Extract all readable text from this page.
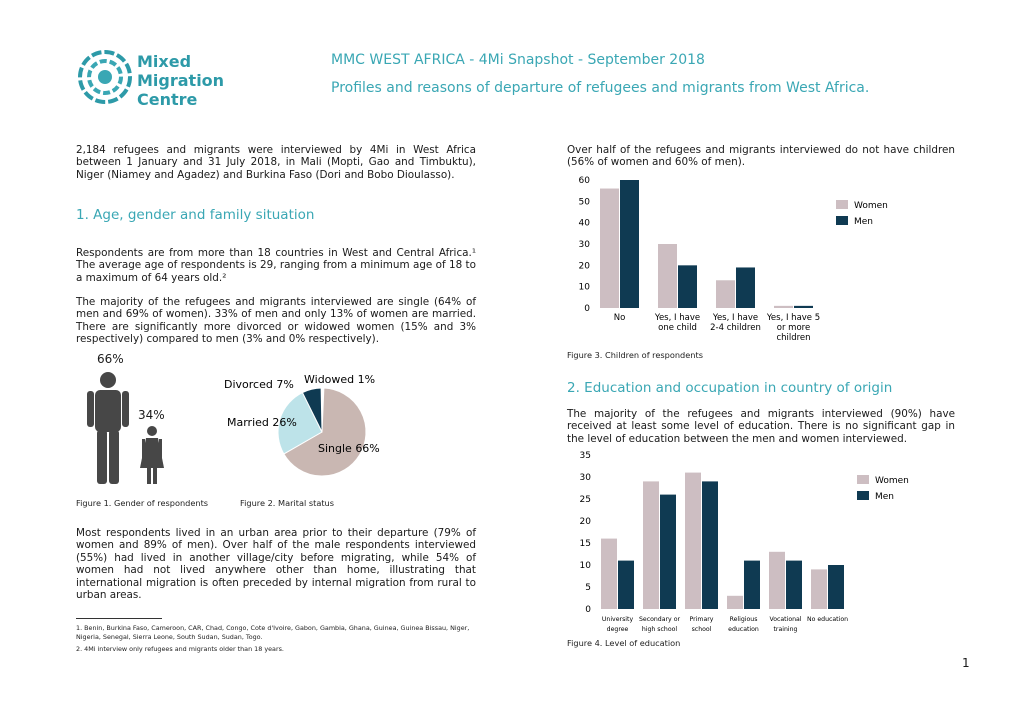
Mixed
Migration
Centre
MMC WEST AFRICA - 4Mi Snapshot - September 2018
Profiles and reasons of departure of refugees and migrants from West Africa.
2,184 refugees and migrants were interviewed by 4Mi in West Africa between 1 January and 31 July 2018, in Mali (Mopti, Gao and Timbuktu), Niger (Niamey and Agadez) and Burkina Faso (Dori and Bobo Dioulasso).
1. Age, gender and family situation
Respondents are from more than 18 countries in West and Central Africa.¹ The average age of respondents is 29, ranging from a minimum age of 18 to a maximum of 64 years old.²
The majority of the refugees and migrants interviewed are single (64% of men and 69% of women). 33% of men and only 13% of women are married. There are significantly more divorced or widowed women (15% and 3% respectively) compared to men (3% and 0% respectively).
66%
34%
Figure 1. Gender of respondents
Divorced 7% Widowed 1%
Married 26%
Single 66%
Figure 2. Marital status
Most respondents lived in an urban area prior to their departure (79% of women and 89% of men). Over half of the male respondents interviewed (55%) had lived in another village/city before migrating, while 54% of women had not lived anywhere other than home, illustrating that international migration is often preceded by internal migration from rural to urban areas.
1. Benin, Burkina Faso, Cameroon, CAR, Chad, Congo, Cote d'Ivoire, Gabon, Gambia, Ghana, Guinea, Guinea Bissau, Niger, Nigeria, Senegal, Sierra Leone, South Sudan, Sudan, Togo.
2. 4Mi interview only refugees and migrants older than 18 years.
Over half of the refugees and migrants interviewed do not have children (56% of women and 60% of men).
0
10
20
30
40
50
60
No	Yes, I have
one child
Yes, I have
2-4 children
Yes, I have 5
or more
children
Women
Men
Figure 3. Children of respondents
2. Education and occupation in country of origin
The majority of the refugees and migrants interviewed (90%) have received at least some level of education. There is no significant gap in the level of education between the men and women interviewed.
0
5
10
15
20
25
30
35
University
degree
Secondary or
high school
Primary
school
Religious
education
Vocational
training
No education
Women
Men
Figure 4. Level of education
1
